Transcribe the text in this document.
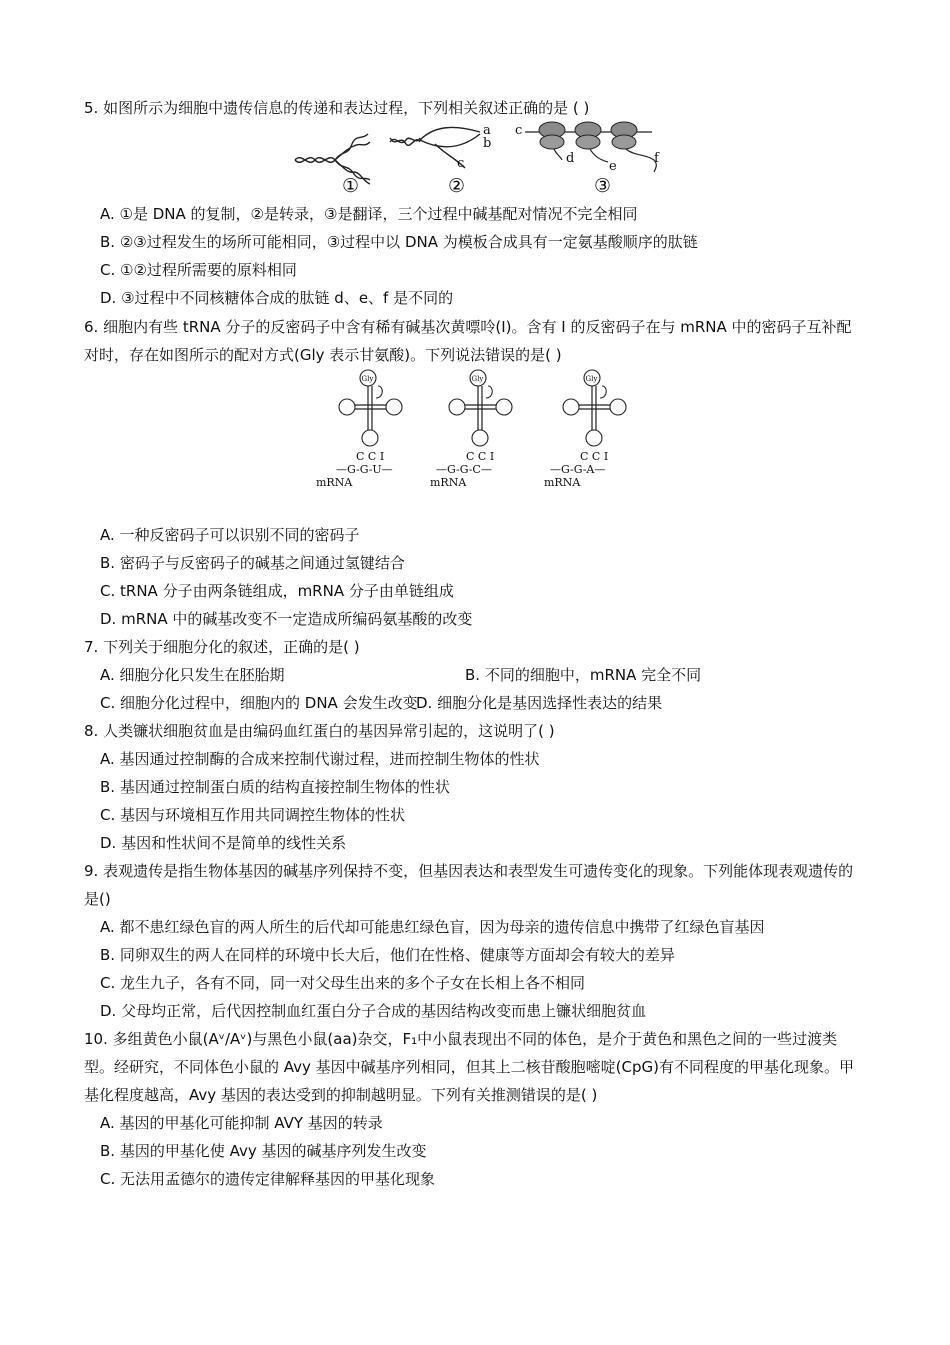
5. 如图所示为细胞中遗传信息的传递和表达过程，下列相关叙述正确的是 ( )
①
a
b
c
②
c
d
e
f
③
A. ①是 DNA 的复制，②是转录，③是翻译，三个过程中碱基配对情况不完全相同
B. ②③过程发生的场所可能相同，③过程中以 DNA 为模板合成具有一定氨基酸顺序的肽链
C. ①②过程所需要的原料相同
D. ③过程中不同核糖体合成的肽链 d、e、f 是不同的
6. 细胞内有些 tRNA 分子的反密码子中含有稀有碱基次黄嘌呤(I)。含有 I 的反密码子在与 mRNA 中的密码子互补配
对时，存在如图所示的配对方式(Gly 表示甘氨酸)。下列说法错误的是( )
Gly
C C I
—G-G-U—
mRNA
Gly
C C I
—G-G-C—
mRNA
Gly
C C I
—G-G-A—
mRNA
A. 一种反密码子可以识别不同的密码子
B. 密码子与反密码子的碱基之间通过氢键结合
C. tRNA 分子由两条链组成，mRNA 分子由单链组成
D. mRNA 中的碱基改变不一定造成所编码氨基酸的改变
7. 下列关于细胞分化的叙述，正确的是( )
A. 细胞分化只发生在胚胎期	B. 不同的细胞中，mRNA 完全不同
C. 细胞分化过程中，细胞内的 DNA 会发生改变
D. 细胞分化是基因选择性表达的结果
8. 人类镰状细胞贫血是由编码血红蛋白的基因异常引起的，这说明了( )
A. 基因通过控制酶的合成来控制代谢过程，进而控制生物体的性状
B. 基因通过控制蛋白质的结构直接控制生物体的性状
C. 基因与环境相互作用共同调控生物体的性状
D. 基因和性状间不是简单的线性关系
9. 表观遗传是指生物体基因的碱基序列保持不变，但基因表达和表型发生可遗传变化的现象。下列能体现表观遗传的
是()
A. 都不患红绿色盲的两人所生的后代却可能患红绿色盲，因为母亲的遗传信息中携带了红绿色盲基因
B. 同卵双生的两人在同样的环境中长大后，他们在性格、健康等方面却会有较大的差异
C. 龙生九子，各有不同，同一对父母生出来的多个子女在长相上各不相同
D. 父母均正常，后代因控制血红蛋白分子合成的基因结构改变而患上镰状细胞贫血
10. 多组黄色小鼠(Aᵛ/Aᵛ)与黑色小鼠(aa)杂交，F₁中小鼠表现出不同的体色，是介于黄色和黑色之间的一些过渡类
型。经研究，不同体色小鼠的 Avy 基因中碱基序列相同，但其上二核苷酸胞嘧啶(CpG)有不同程度的甲基化现象。甲
基化程度越高，Avy 基因的表达受到的抑制越明显。下列有关推测错误的是( )
A. 基因的甲基化可能抑制 AVY 基因的转录
B. 基因的甲基化使 Avy 基因的碱基序列发生改变
C. 无法用孟德尔的遗传定律解释基因的甲基化现象
